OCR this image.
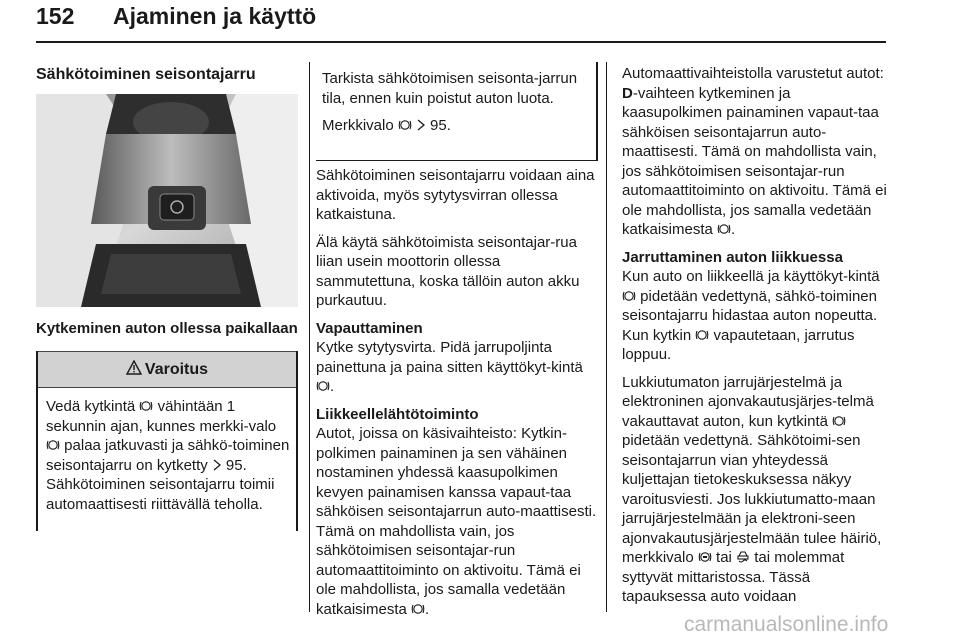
152 Ajaminen ja käyttö
Sähkötoiminen seisontajarru
Kytkeminen auton ollessa paikallaan
Varoitus
Vedä kytkintä vähintään 1 sekunnin ajan, kunnes merkki-valo  palaa jatkuvasti ja sähkö-toiminen seisontajarru on kytketty 95. Sähkötoiminen seisontajarru toimii automaattisesti riittävällä teholla.

Tarkista sähkötoimisen seisonta-jarrun tila, ennen kuin poistut auton luota.

Merkkivalo 95.

Sähkötoiminen seisontajarru voidaan aina aktivoida, myös sytytysvirran ollessa katkaistuna.

Älä käytä sähkötoimista seisontajar-rua liian usein moottorin ollessa sammutettuna, koska tällöin auton akku purkautuu.

Vapauttaminen

Kytke sytytysvirta. Pidä jarrupoljinta painettuna ja paina sitten käyttökyt-kintä .

Liikkeellelähtötoiminto

Autot, joissa on käsivaihteisto: Kytkin-polkimen painaminen ja sen vähäinen nostaminen yhdessä kaasupolkimen kevyen painamisen kanssa vapaut-taa sähköisen seisontajarrun auto-maattisesti. Tämä on mahdollista vain, jos sähkötoimisen seisontajar-run automaattitoiminto on aktivoitu. Tämä ei ole mahdollista, jos samalla vedetään katkaisimesta .

Automaattivaihteistolla varustetut autot: D-vaihteen kytkeminen ja kaasupolkimen painaminen vapaut-taa sähköisen seisontajarrun auto-maattisesti. Tämä on mahdollista vain, jos sähkötoimisen seisontajar-run automaattitoiminto on aktivoitu. Tämä ei ole mahdollista, jos samalla vedetään katkaisimesta .

Jarruttaminen auton liikkuessa

Kun auto on liikkeellä ja käyttökyt-kintä  pidetään vedettynä, sähkö-toiminen seisontajarru hidastaa auton nopeutta. Kun kytkin vapautetaan, jarrutus loppuu.

Lukkiutumaton jarrujärjestelmä ja elektroninen ajonvakautusjärjes-telmä vakauttavat auton, kun kytkintä  pidetään vedettynä. Sähkötoimi-sen seisontajarrun vian yhteydessä kuljettajan tietokeskuksessa näkyy varoitusviesti. Jos lukkiutumatto-maan jarrujärjestelmään ja elektroni-seen ajonvakautusjärjestelmään tulee häiriö, merkkivalo tai tai molemmat syttyvät mittaristossa. Tässä tapauksessa auto voidaan

carmanualsonline.info
